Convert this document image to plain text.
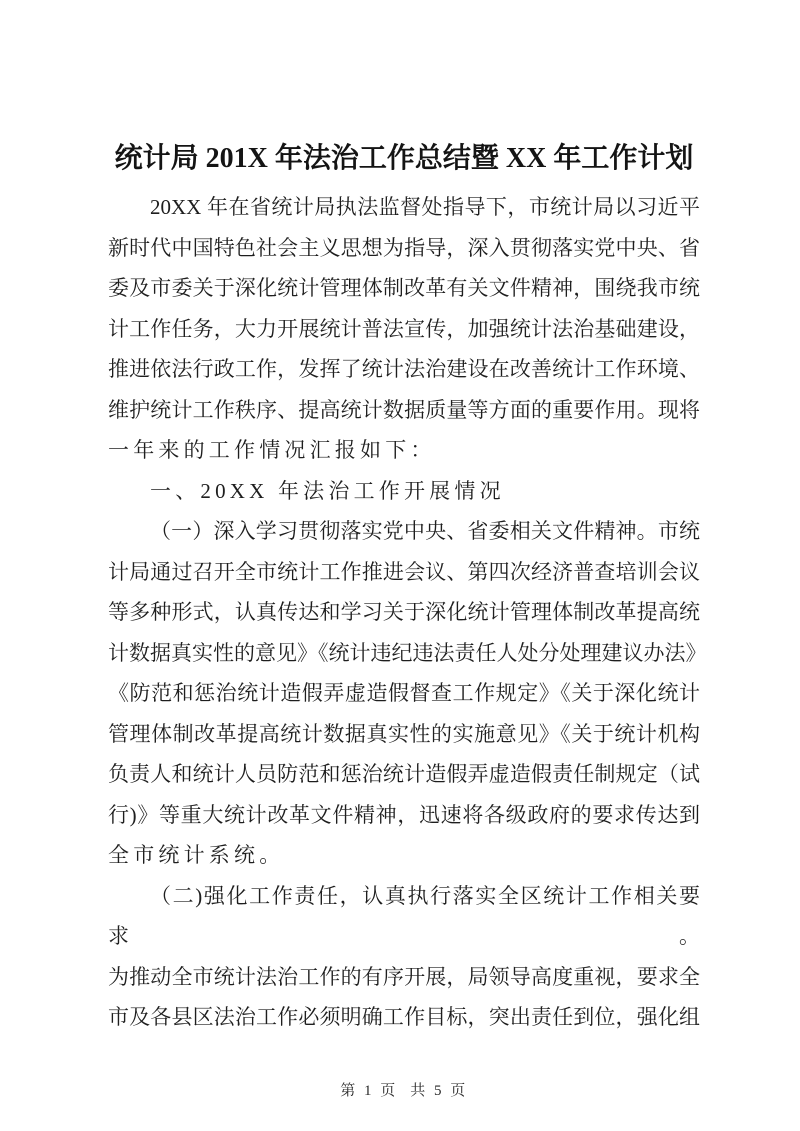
统计局 201X 年法治工作总结暨 XX 年工作计划
20XX 年在省统计局执法监督处指导下，市统计局以习近平
新时代中国特色社会主义思想为指导，深入贯彻落实党中央、省
委及市委关于深化统计管理体制改革有关文件精神，围绕我市统
计工作任务，大力开展统计普法宣传，加强统计法治基础建设，
推进依法行政工作，发挥了统计法治建设在改善统计工作环境、
维护统计工作秩序、提高统计数据质量等方面的重要作用。现将
一年来的工作情况汇报如下：
一、20XX 年法治工作开展情况
（一）深入学习贯彻落实党中央、省委相关文件精神。市统
计局通过召开全市统计工作推进会议、第四次经济普查培训会议
等多种形式，认真传达和学习关于深化统计管理体制改革提高统
计数据真实性的意见》《统计违纪违法责任人处分处理建议办法》
《防范和惩治统计造假弄虚造假督查工作规定》《关于深化统计
管理体制改革提高统计数据真实性的实施意见》《关于统计机构
负责人和统计人员防范和惩治统计造假弄虚造假责任制规定（试
行)》等重大统计改革文件精神，迅速将各级政府的要求传达到
全市统计系统。
（二)强化工作责任，认真执行落实全区统计工作相关要求。
为推动全市统计法治工作的有序开展，局领导高度重视，要求全
市及各县区法治工作必须明确工作目标，突出责任到位，强化组
第 1 页  共 5 页
